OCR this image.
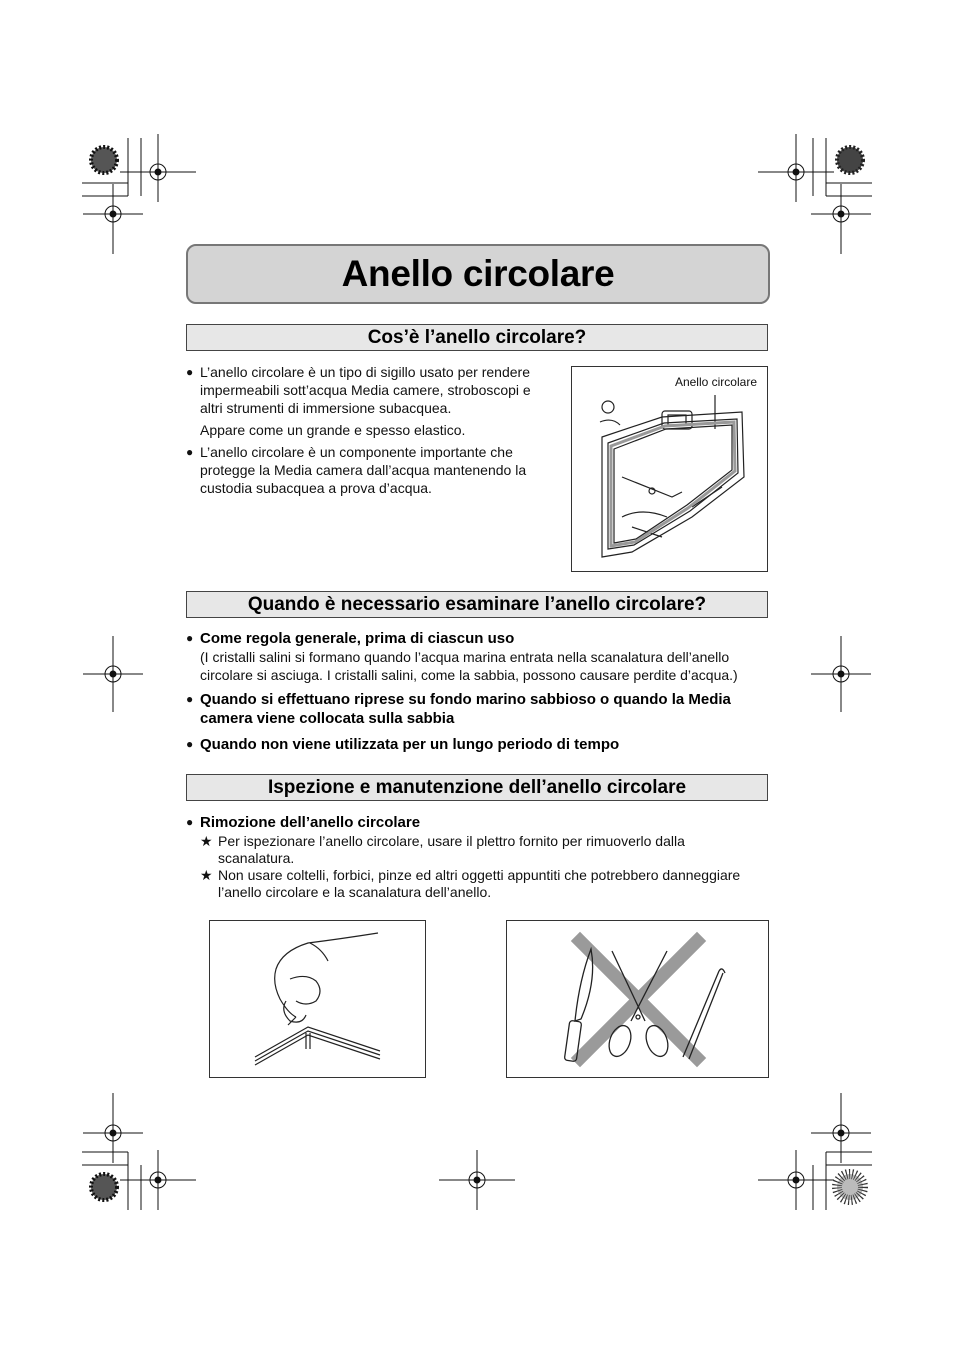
Anello circolare
Cos’è l’anello circolare?
● L’anello circolare è un tipo di sigillo usato per rendere impermeabili sott’acqua Media camere, stroboscopi e altri strumenti di immersione subacquea.
Appare come un grande e spesso elastico.
● L’anello circolare è un componente importante che protegge la Media camera dall’acqua mantenendo la custodia subacquea a prova d’acqua.
Anello circolare
Quando è necessario esaminare l’anello circolare?
● Come regola generale, prima di ciascun uso
(I cristalli salini si formano quando l’acqua marina entrata nella scanalatura dell’anello circolare si asciuga. I cristalli salini, come la sabbia, possono causare perdite d’acqua.)
● Quando si effettuano riprese su fondo marino sabbioso o quando la Media camera viene collocata sulla sabbia
● Quando non viene utilizzata per un lungo periodo di tempo
Ispezione e manutenzione dell’anello circolare
● Rimozione dell’anello circolare
★ Per ispezionare l’anello circolare, usare il plettro fornito per rimuoverlo dalla scanalatura.
★ Non usare coltelli, forbici, pinze ed altri oggetti appuntiti che potrebbero danneggiare l’anello circolare e la scanalatura dell’anello.
